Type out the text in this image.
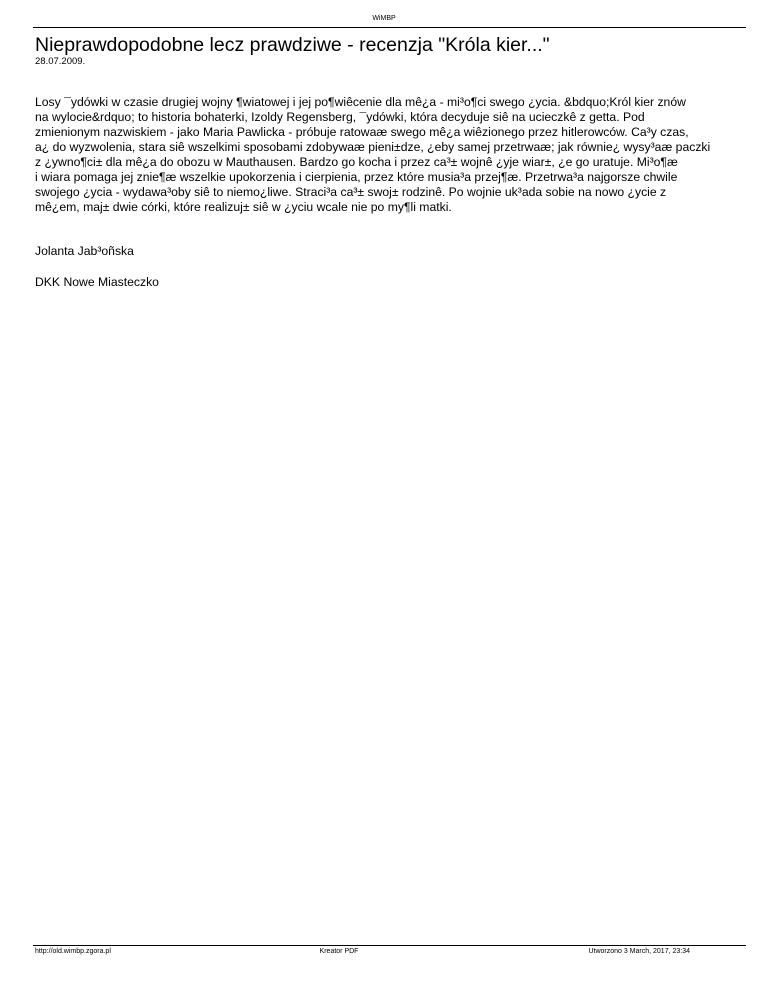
WiMBP
Nieprawdopodobne lecz prawdziwe - recenzja "Króla kier..."
28.07.2009.
Losy ¯ydówki w czasie drugiej wojny ¶wiatowej i jej po¶wiêcenie dla mê¿a - mi³o¶ci swego ¿ycia. &bdquo;Król kier znów
na wylocie&rdquo; to historia bohaterki, Izoldy Regensberg, ¯ydówki, która decyduje siê na ucieczkê z getta. Pod
zmienionym nazwiskiem - jako Maria Pawlicka - próbuje ratowaæ swego mê¿a wiêzionego przez hitlerowców. Ca³y czas,
a¿ do wyzwolenia, stara siê wszelkimi sposobami zdobywaæ pieni±dze, ¿eby samej przetrwaæ; jak równie¿ wysy³aæ paczki
z ¿ywno¶ci± dla mê¿a do obozu w Mauthausen. Bardzo go kocha i przez ca³± wojnê ¿yje wiar±, ¿e go uratuje. Mi³o¶æ
i wiara pomaga jej znie¶æ wszelkie upokorzenia i cierpienia, przez które musia³a przej¶æ. Przetrwa³a najgorsze chwile
swojego ¿ycia - wydawa³oby siê to niemo¿liwe. Straci³a ca³± swoj± rodzinê. Po wojnie uk³ada sobie na nowo ¿ycie z
mê¿em, maj± dwie córki, które realizuj± siê w ¿yciu wcale nie po my¶li matki.
Jolanta Jab³oñska
DKK Nowe Miasteczko
http://old.wimbp.zgora.pl	Kreator PDF	Utworzono 3 March, 2017, 23:34
